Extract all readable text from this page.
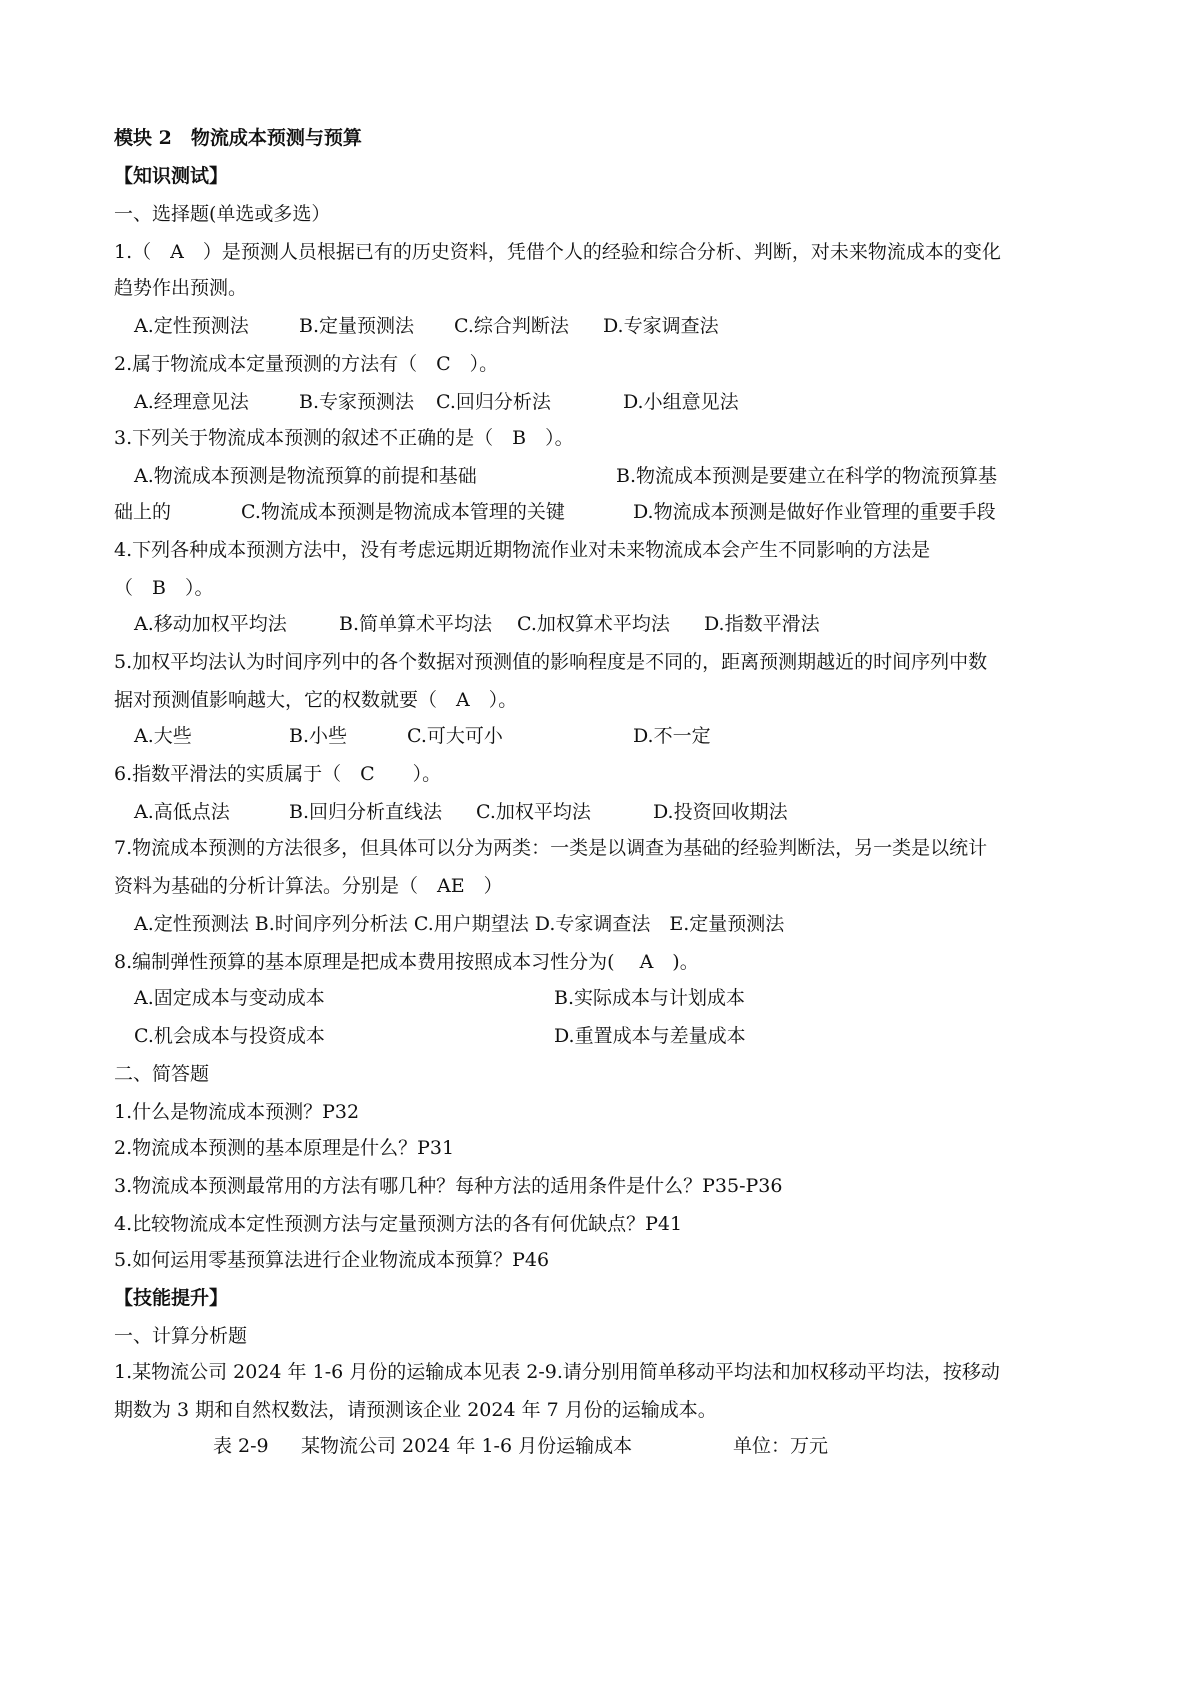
模块 2　物流成本预测与预算
【知识测试】
一、选择题(单选或多选）
1.（　A　）是预测人员根据已有的历史资料，凭借个人的经验和综合分析、判断，对未来物流成本的变化
趋势作出预测。
A.定性预测法	B.定量预测法 C.综合判断法 D.专家调查法
2.属于物流成本定量预测的方法有（　C　）。
A.经理意见法	B.专家预测法 C.回归分析法	D.小组意见法
3.下列关于物流成本预测的叙述不正确的是（　B　）。
A.物流成本预测是物流预算的前提和基础	B.物流成本预测是要建立在科学的物流预算基
础上的	C.物流成本预测是物流成本管理的关键	D.物流成本预测是做好作业管理的重要手段
4.下列各种成本预测方法中，没有考虑远期近期物流作业对未来物流成本会产生不同影响的方法是
（　B　）。
A.移动加权平均法	B.简单算术平均法 C.加权算术平均法 D.指数平滑法
5.加权平均法认为时间序列中的各个数据对预测值的影响程度是不同的，距离预测期越近的时间序列中数
据对预测值影响越大，它的权数就要（　A　）。
A.大些	B.小些	C.可大可小	D.不一定
6.指数平滑法的实质属于（　C　　）。
A.高低点法	B.回归分析直线法 C.加权平均法	D.投资回收期法
7.物流成本预测的方法很多，但具体可以分为两类：一类是以调查为基础的经验判断法，另一类是以统计
资料为基础的分析计算法。分别是（　AE　）
A.定性预测法 B.时间序列分析法 C.用户期望法 D.专家调查法　E.定量预测法
8.编制弹性预算的基本原理是把成本费用按照成本习性分为(　 A　)。
A.固定成本与变动成本	B.实际成本与计划成本
C.机会成本与投资成本	D.重置成本与差量成本
二、简答题
1.什么是物流成本预测？P32
2.物流成本预测的基本原理是什么？P31
3.物流成本预测最常用的方法有哪几种？每种方法的适用条件是什么？P35-P36
4.比较物流成本定性预测方法与定量预测方法的各有何优缺点？P41
5.如何运用零基预算法进行企业物流成本预算？P46
【技能提升】
一、计算分析题
1.某物流公司 2024 年 1-6 月份的运输成本见表 2-9.请分别用简单移动平均法和加权移动平均法，按移动
期数为 3 期和自然权数法，请预测该企业 2024 年 7 月份的运输成本。
表 2-9 某物流公司 2024 年 1-6 月份运输成本	单位：万元
